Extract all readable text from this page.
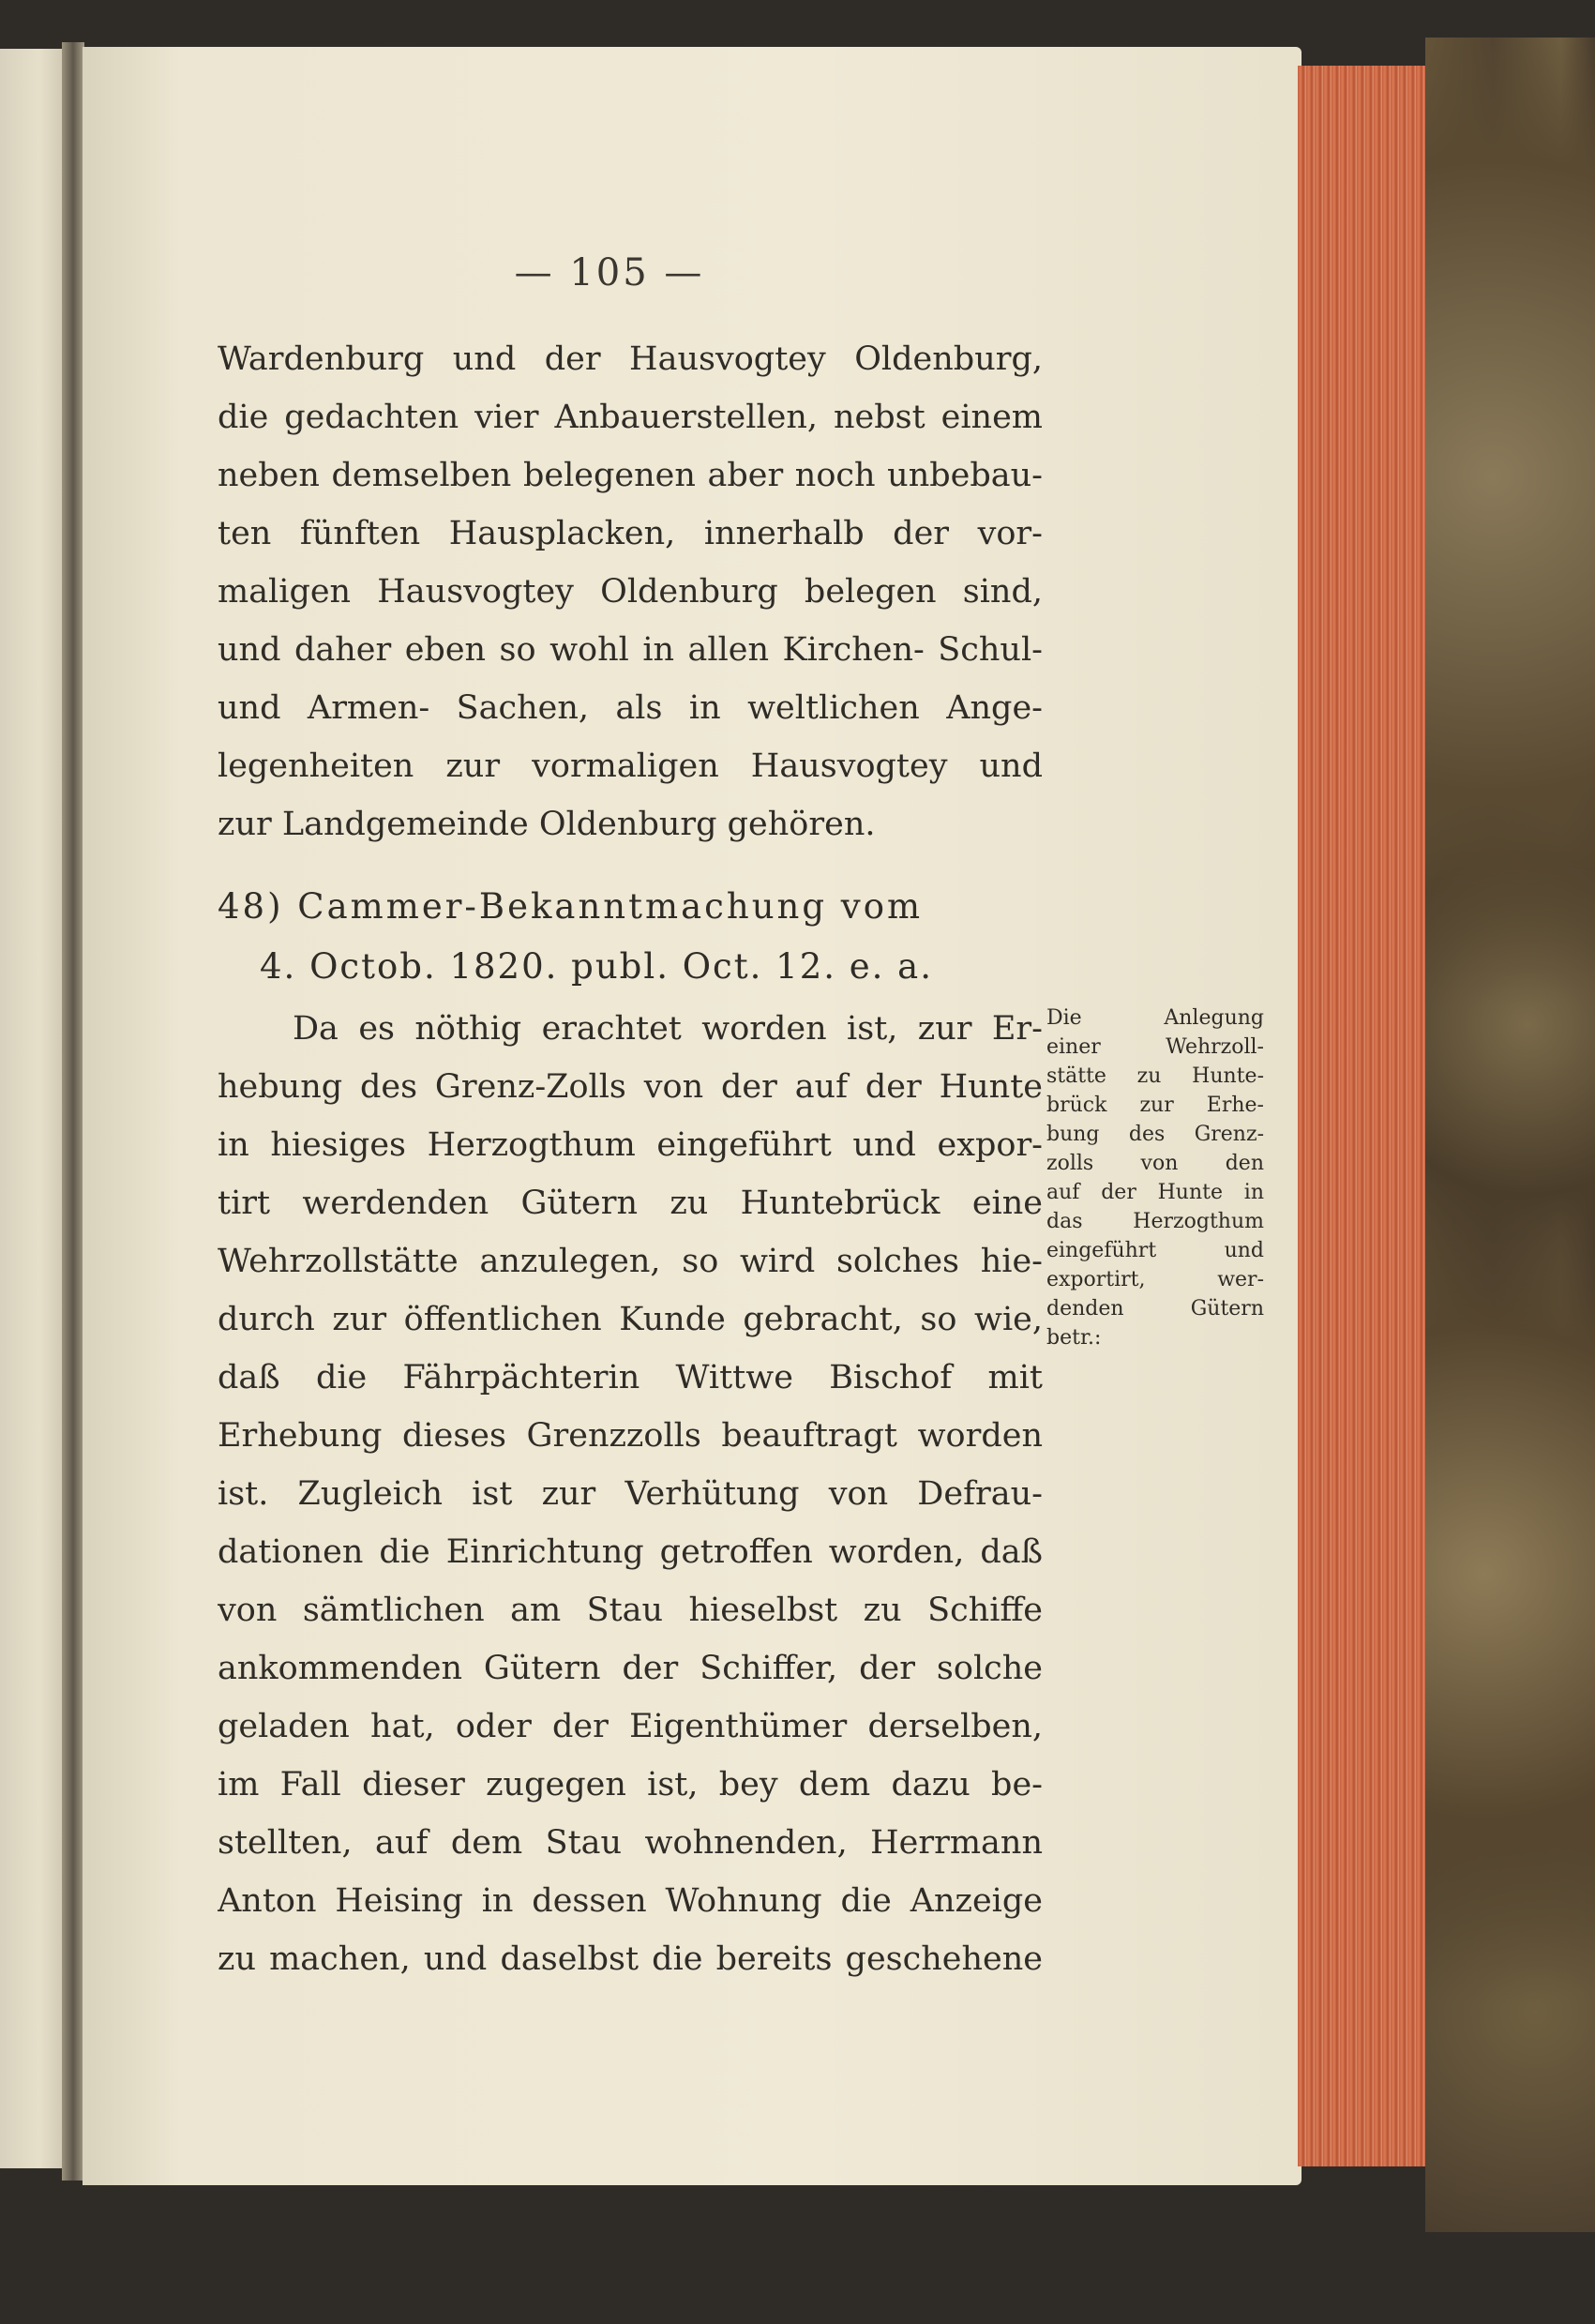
— 105 —
Wardenburg und der Hausvogtey Oldenburg,
die gedachten vier Anbauerstellen, nebst einem
neben demselben belegenen aber noch unbebau-
ten fünften Hausplacken, innerhalb der vor-
maligen Hausvogtey Oldenburg belegen sind,
und daher eben so wohl in allen Kirchen- Schul-
und Armen- Sachen, als in weltlichen Ange-
legenheiten zur vormaligen Hausvogtey und
zur Landgemeinde Oldenburg gehören.
48) Cammer-Bekanntmachung vom
4. Octob. 1820. publ. Oct. 12. e. a.
Da es nöthig erachtet worden ist, zur Er-
hebung des Grenz-Zolls von der auf der Hunte
in hiesiges Herzogthum eingeführt und expor-
tirt werdenden Gütern zu Huntebrück eine
Wehrzollstätte anzulegen, so wird solches hie-
durch zur öffentlichen Kunde gebracht, so wie,
daß die Fährpächterin Wittwe Bischof mit
Erhebung dieses Grenzzolls beauftragt worden
ist. Zugleich ist zur Verhütung von Defrau-
dationen die Einrichtung getroffen worden, daß
von sämtlichen am Stau hieselbst zu Schiffe
ankommenden Gütern der Schiffer, der solche
geladen hat, oder der Eigenthümer derselben,
im Fall dieser zugegen ist, bey dem dazu be-
stellten, auf dem Stau wohnenden, Herrmann
Anton Heising in dessen Wohnung die Anzeige
zu machen, und daselbst die bereits geschehene
Die Anlegung
einer Wehrzoll-
stätte zu Hunte-
brück zur Erhe-
bung des Grenz-
zolls von den
auf der Hunte in
das Herzogthum
eingeführt und
exportirt, wer-
denden Gütern
betr.:
